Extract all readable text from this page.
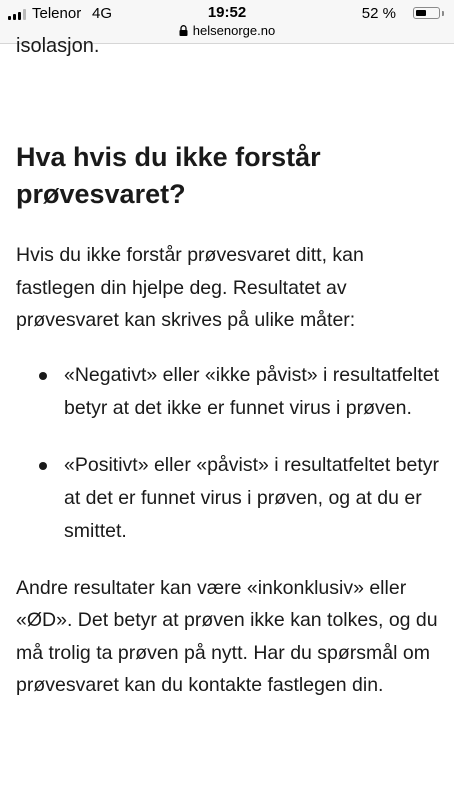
Telenor 4G	19:52	52 %
helsenorge.no

isolasjon.

Hva hvis du ikke forstår prøvesvaret?

Hvis du ikke forstår prøvesvaret ditt, kan fastlegen din hjelpe deg. Resultatet av prøvesvaret kan skrives på ulike måter:

«Negativt» eller «ikke påvist» i resultatfeltet betyr at det ikke er funnet virus i prøven.
«Positivt» eller «påvist» i resultatfeltet betyr at det er funnet virus i prøven, og at du er smittet.

Andre resultater kan være «inkonklusiv» eller «ØD». Det betyr at prøven ikke kan tolkes, og du må trolig ta prøven på nytt. Har du spørsmål om prøvesvaret kan du kontakte fastlegen din.
